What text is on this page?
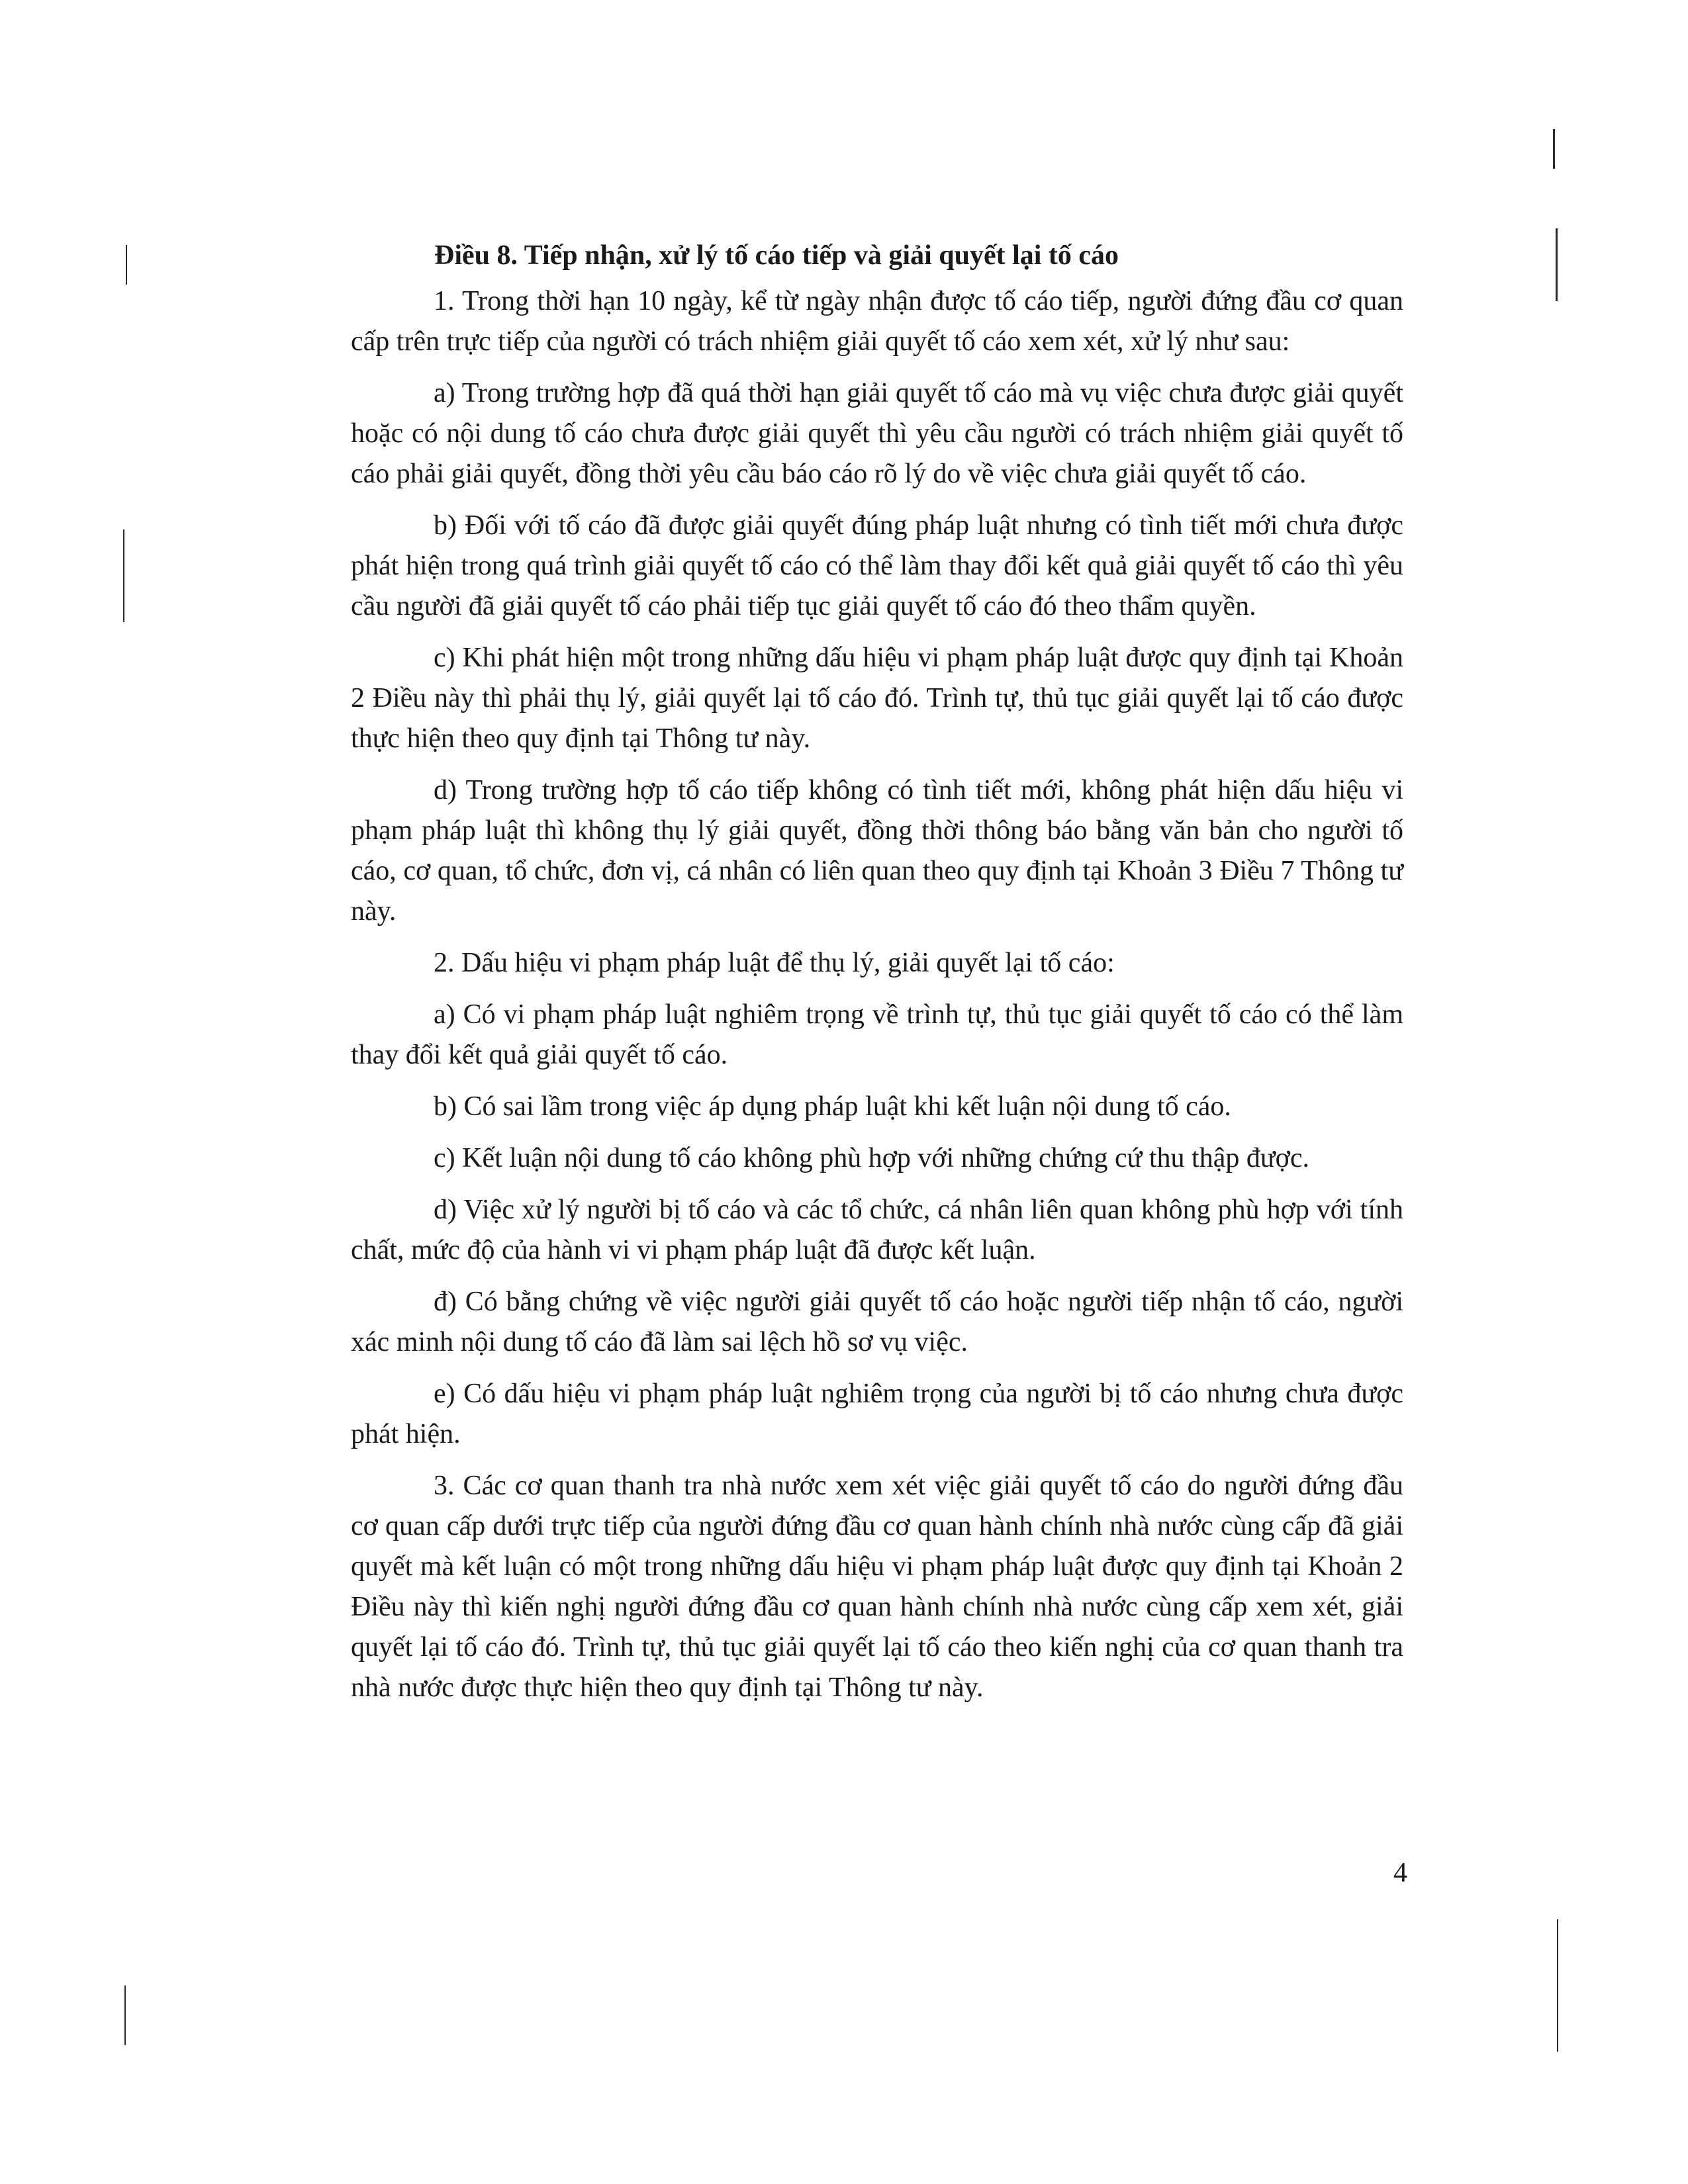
Điều 8. Tiếp nhận, xử lý tố cáo tiếp và giải quyết lại tố cáo

1. Trong thời hạn 10 ngày, kể từ ngày nhận được tố cáo tiếp, người đứng đầu cơ quan cấp trên trực tiếp của người có trách nhiệm giải quyết tố cáo xem xét, xử lý như sau:

a) Trong trường hợp đã quá thời hạn giải quyết tố cáo mà vụ việc chưa được giải quyết hoặc có nội dung tố cáo chưa được giải quyết thì yêu cầu người có trách nhiệm giải quyết tố cáo phải giải quyết, đồng thời yêu cầu báo cáo rõ lý do về việc chưa giải quyết tố cáo.

b) Đối với tố cáo đã được giải quyết đúng pháp luật nhưng có tình tiết mới chưa được phát hiện trong quá trình giải quyết tố cáo có thể làm thay đổi kết quả giải quyết tố cáo thì yêu cầu người đã giải quyết tố cáo phải tiếp tục giải quyết tố cáo đó theo thẩm quyền.

c) Khi phát hiện một trong những dấu hiệu vi phạm pháp luật được quy định tại Khoản 2 Điều này thì phải thụ lý, giải quyết lại tố cáo đó. Trình tự, thủ tục giải quyết lại tố cáo được thực hiện theo quy định tại Thông tư này.

d) Trong trường hợp tố cáo tiếp không có tình tiết mới, không phát hiện dấu hiệu vi phạm pháp luật thì không thụ lý giải quyết, đồng thời thông báo bằng văn bản cho người tố cáo, cơ quan, tổ chức, đơn vị, cá nhân có liên quan theo quy định tại Khoản 3 Điều 7 Thông tư này.

2. Dấu hiệu vi phạm pháp luật để thụ lý, giải quyết lại tố cáo:

a) Có vi phạm pháp luật nghiêm trọng về trình tự, thủ tục giải quyết tố cáo có thể làm thay đổi kết quả giải quyết tố cáo.

b) Có sai lầm trong việc áp dụng pháp luật khi kết luận nội dung tố cáo.

c) Kết luận nội dung tố cáo không phù hợp với những chứng cứ thu thập được.

d) Việc xử lý người bị tố cáo và các tổ chức, cá nhân liên quan không phù hợp với tính chất, mức độ của hành vi vi phạm pháp luật đã được kết luận.

đ) Có bằng chứng về việc người giải quyết tố cáo hoặc người tiếp nhận tố cáo, người xác minh nội dung tố cáo đã làm sai lệch hồ sơ vụ việc.

e) Có dấu hiệu vi phạm pháp luật nghiêm trọng của người bị tố cáo nhưng chưa được phát hiện.

3. Các cơ quan thanh tra nhà nước xem xét việc giải quyết tố cáo do người đứng đầu cơ quan cấp dưới trực tiếp của người đứng đầu cơ quan hành chính nhà nước cùng cấp đã giải quyết mà kết luận có một trong những dấu hiệu vi phạm pháp luật được quy định tại Khoản 2 Điều này thì kiến nghị người đứng đầu cơ quan hành chính nhà nước cùng cấp xem xét, giải quyết lại tố cáo đó. Trình tự, thủ tục giải quyết lại tố cáo theo kiến nghị của cơ quan thanh tra nhà nước được thực hiện theo quy định tại Thông tư này.

4
